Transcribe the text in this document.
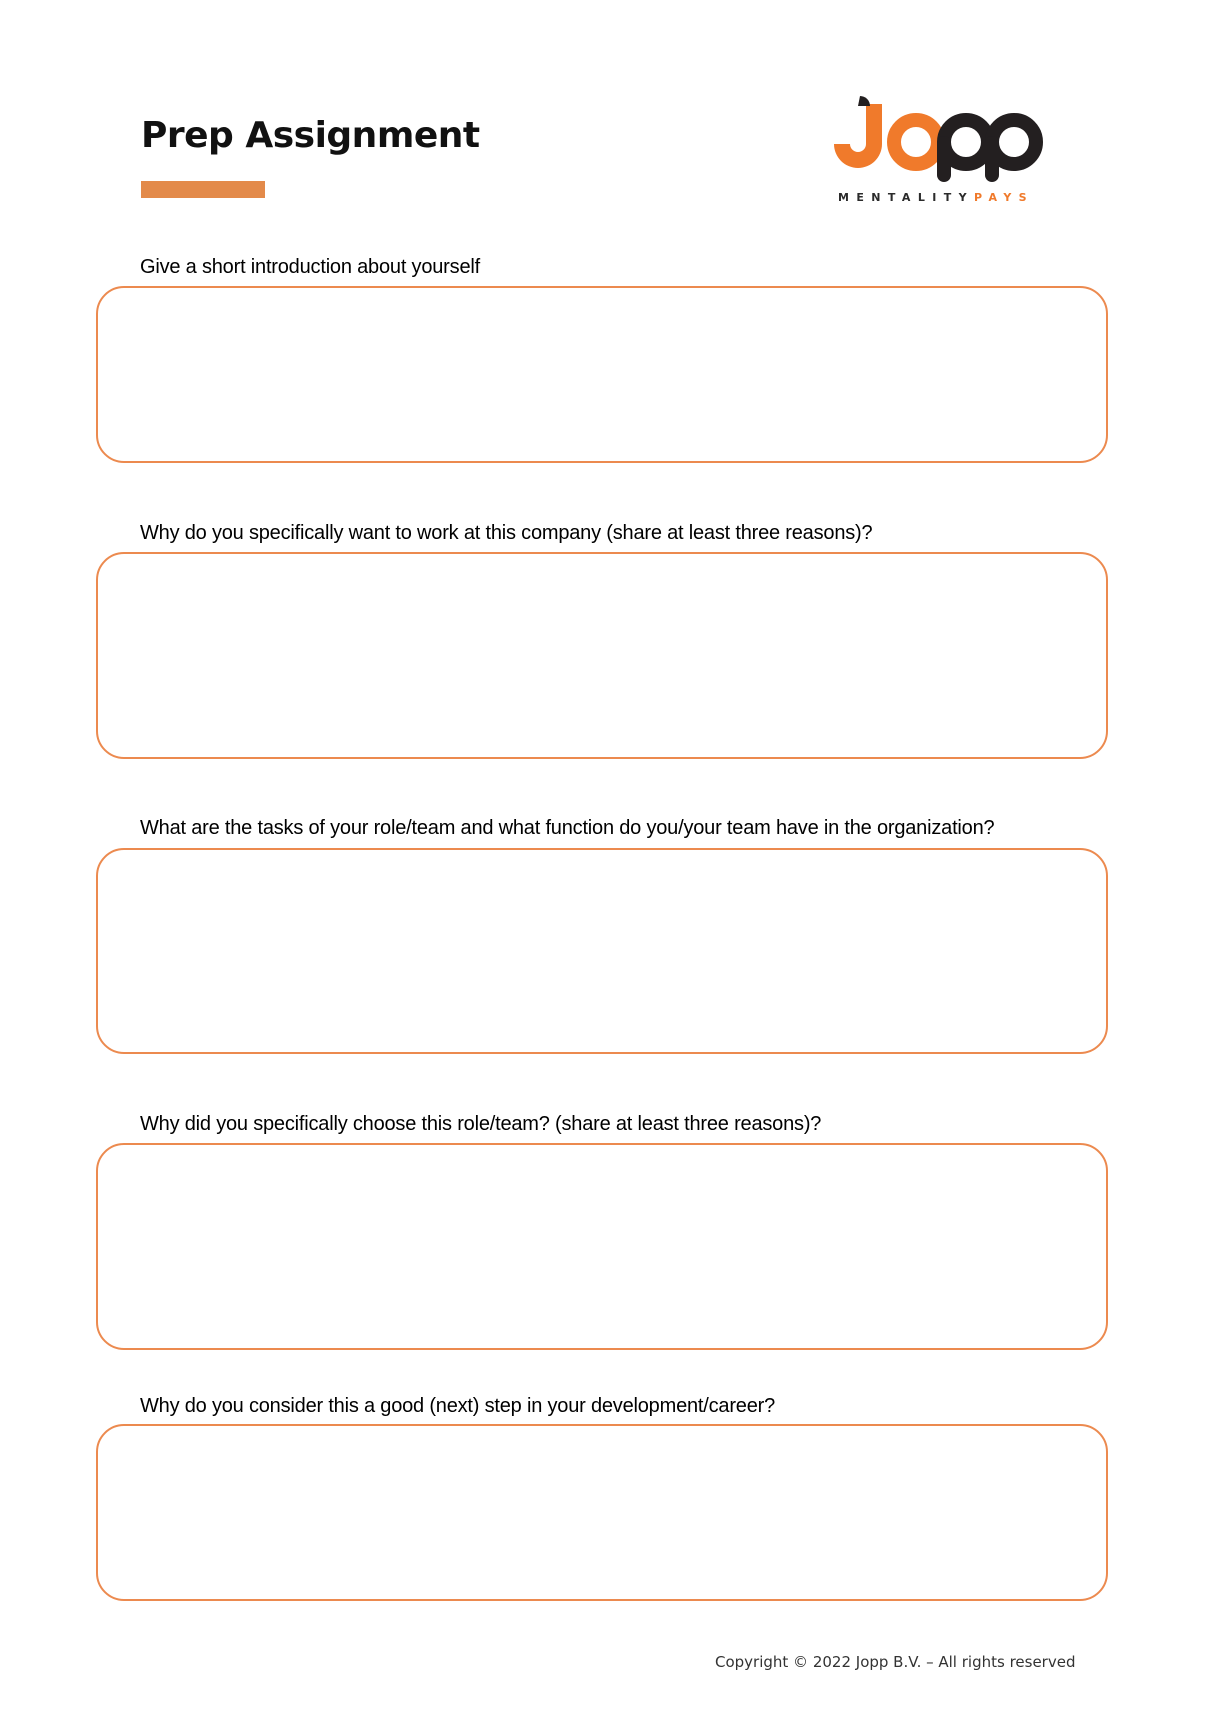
Prep Assignment
MENTALITYPAYS
Give a short introduction about yourself
Why do you specifically want to work at this company (share at least three reasons)?
What are the tasks of your role/team and what function do you/your team have in the organization?
Why did you specifically choose this role/team? (share at least three reasons)?
Why do you consider this a good (next) step in your development/career?
Copyright © 2022 Jopp B.V. – All rights reserved
